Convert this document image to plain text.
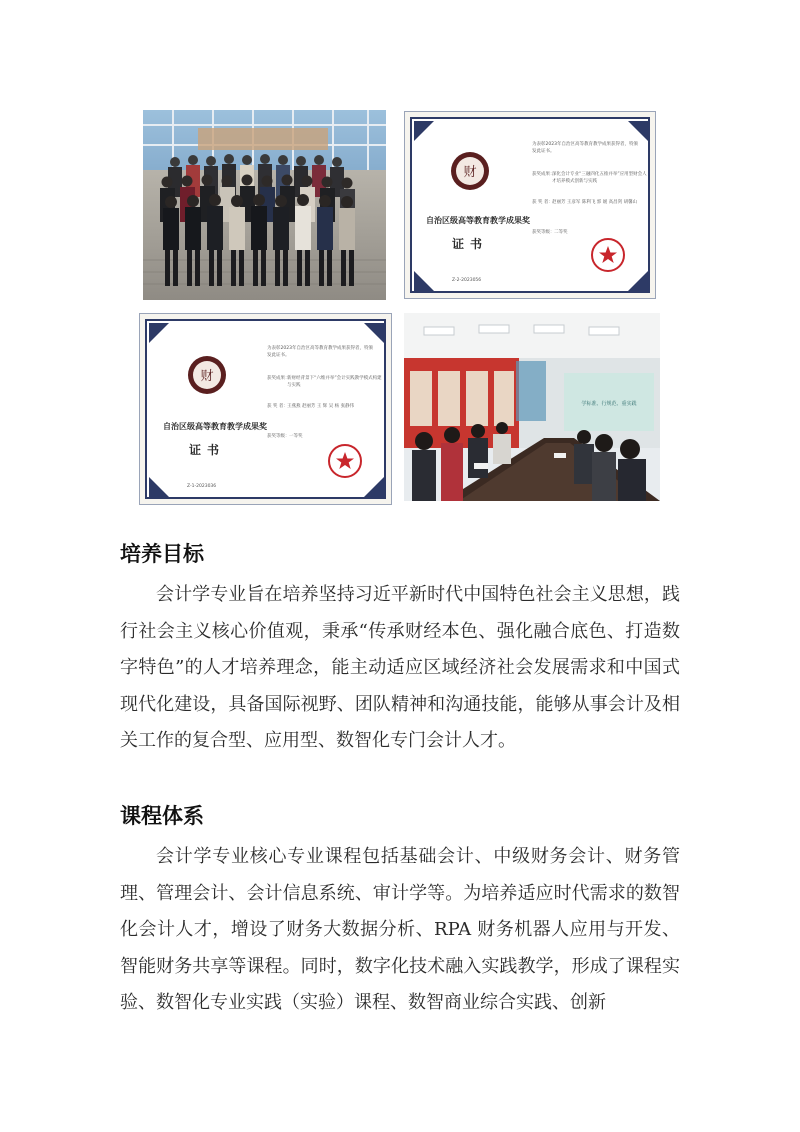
财
自治区级高等教育教学成果奖
证书
Z-2-2023056
为表彰2023年自治区高等教育教学成果获得者，特颁发此证书。
获奖成果：
深化会计专业“三融四化五推并举”应用型财会人才培养模式创新与实践
获 奖 者： 赵丽芳 王彦军 陈利飞 郭 媛 高昌剑 胡馨山
获奖等级： 二等奖
财
自治区级高等教育教学成果奖
证书
Z-1-2023036
为表彰2023年自治区高等教育教学成果获得者，特颁发此证书。
获奖成果：
新财经背景下“六维并举”会计实践教学模式构建与实践
获 奖 者： 王燕燕 赵丽芳 王 辉 吴 杨 张静伟
获奖等级： 一等奖
学标准、行规范、重实践
培养目标
会计学专业旨在培养坚持习近平新时代中国特色社会主义思想，践行社会主义核心价值观，秉承“传承财经本色、强化融合底色、打造数字特色”的人才培养理念，能主动适应区域经济社会发展需求和中国式现代化建设，具备国际视野、团队精神和沟通技能，能够从事会计及相关工作的复合型、应用型、数智化专门会计人才。
课程体系
会计学专业核心专业课程包括基础会计、中级财务会计、财务管理、管理会计、会计信息系统、审计学等。为培养适应时代需求的数智化会计人才，增设了财务大数据分析、RPA 财务机器人应用与开发、智能财务共享等课程。同时，数字化技术融入实践教学，形成了课程实验、数智化专业实践（实验）课程、数智商业综合实践、创新
